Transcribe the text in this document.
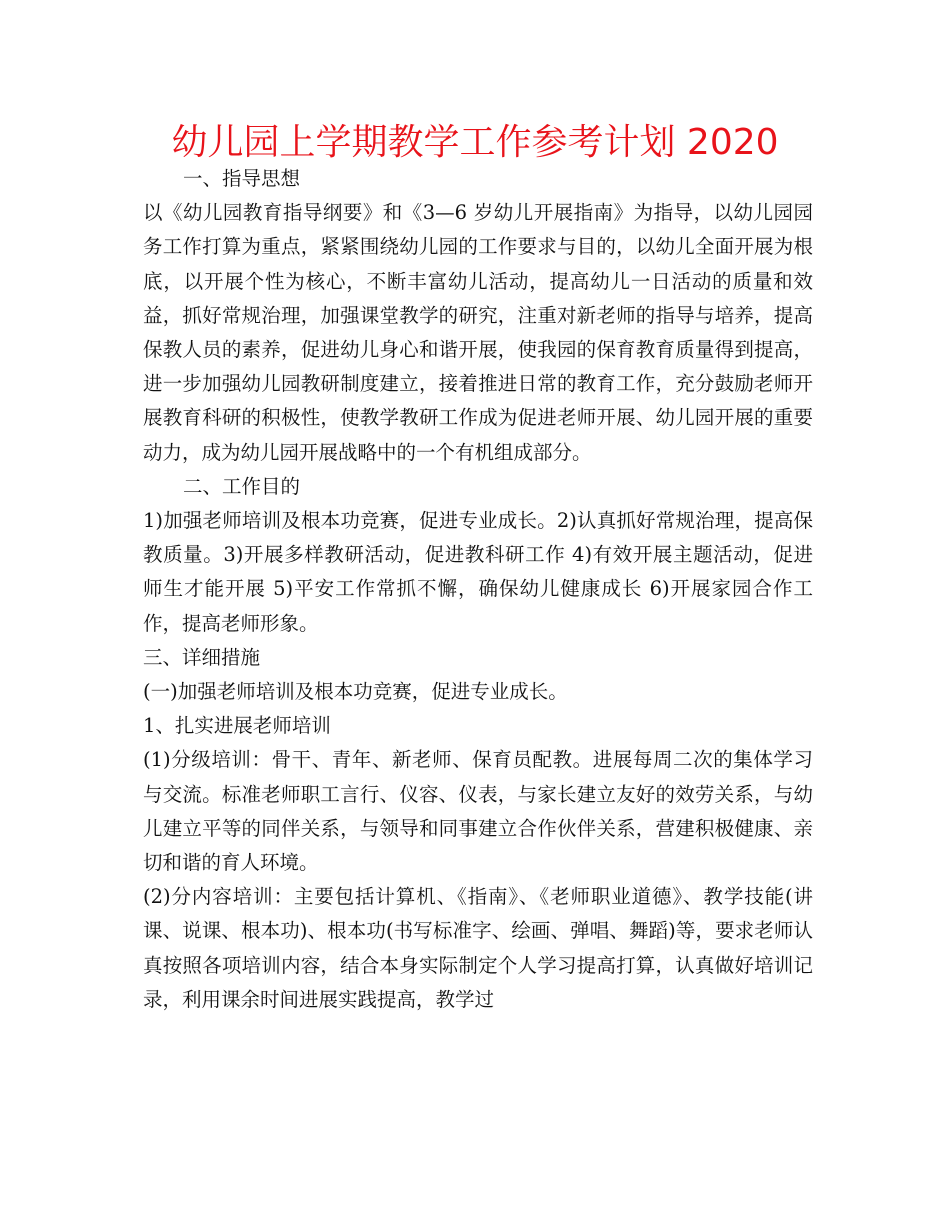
幼儿园上学期教学工作参考计划 2020

一、指导思想

以《幼儿园教育指导纲要》和《3—6 岁幼儿开展指南》为指导，以幼儿园园务工作打算为重点，紧紧围绕幼儿园的工作要求与目的，以幼儿全面开展为根底，以开展个性为核心，不断丰富幼儿活动，提高幼儿一日活动的质量和效益，抓好常规治理，加强课堂教学的研究，注重对新老师的指导与培养，提高保教人员的素养，促进幼儿身心和谐开展，使我园的保育教育质量得到提高，进一步加强幼儿园教研制度建立，接着推进日常的教育工作，充分鼓励老师开展教育科研的积极性，使教学教研工作成为促进老师开展、幼儿园开展的重要动力，成为幼儿园开展战略中的一个有机组成部分。

二、工作目的

1)加强老师培训及根本功竞赛，促进专业成长。2)认真抓好常规治理，提高保教质量。3)开展多样教研活动，促进教科研工作 4)有效开展主题活动，促进师生才能开展 5)平安工作常抓不懈，确保幼儿健康成长 6)开展家园合作工作，提高老师形象。

三、详细措施

(一)加强老师培训及根本功竞赛，促进专业成长。

1、扎实进展老师培训

(1)分级培训：骨干、青年、新老师、保育员配教。进展每周二次的集体学习与交流。标准老师职工言行、仪容、仪表，与家长建立友好的效劳关系，与幼儿建立平等的同伴关系，与领导和同事建立合作伙伴关系，营建积极健康、亲切和谐的育人环境。

(2)分内容培训：主要包括计算机、《指南》、《老师职业道德》、教学技能(讲课、说课、根本功)、根本功(书写标准字、绘画、弹唱、舞蹈)等，要求老师认真按照各项培训内容，结合本身实际制定个人学习提高打算，认真做好培训记录，利用课余时间进展实践提高，教学过
